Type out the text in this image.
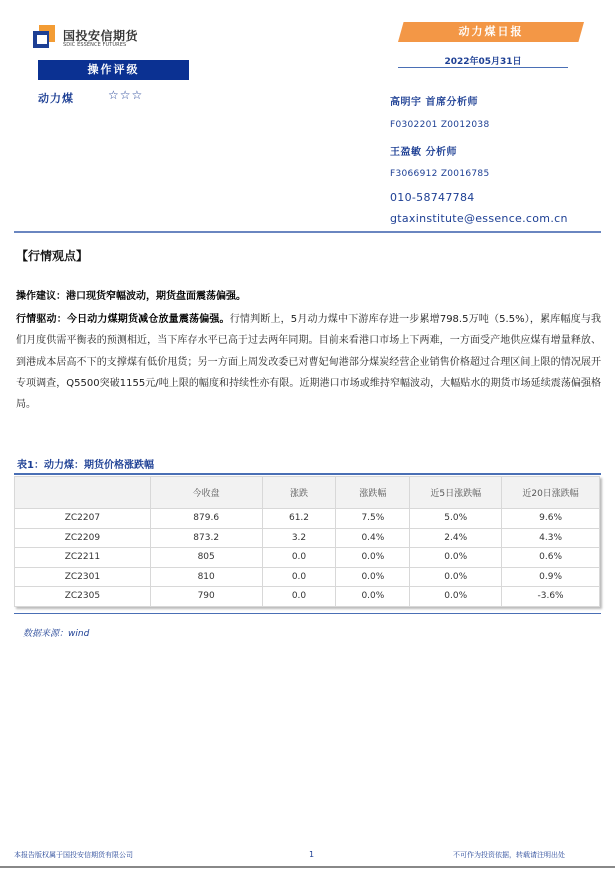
国投安信期货
SDIC ESSENCE FUTURES
操作评级
动力煤	☆☆☆
动力煤日报
2022年05月31日
高明宇 首席分析师
F0302201 Z0012038
王盈敏 分析师
F3066912 Z0016785
010-58747784
gtaxinstitute@essence.com.cn
【行情观点】
操作建议：港口现货窄幅波动，期货盘面震荡偏强。
行情驱动：今日动力煤期货减仓放量震荡偏强。行情判断上，5月动力煤中下游库存进一步累增798.5万吨（5.5%），累库幅度与我们月度供需平衡表的预测相近，当下库存水平已高于过去两年同期。目前来看港口市场上下两难，一方面受产地供应煤有增量释放、到港成本居高不下的支撑煤有低价甩货；另一方面上周发改委已对曹妃甸港部分煤炭经营企业销售价格超过合理区间上限的情况展开专项调查，Q5500突破1155元/吨上限的幅度和持续性亦有限。近期港口市场或维持窄幅波动，大幅贴水的期货市场延续震荡偏强格局。
表1：动力煤：期货价格涨跌幅
	今收盘	涨跌	涨跌幅	近5日涨跌幅	近20日涨跌幅
ZC2207	879.6	61.2	7.5%	5.0%	9.6%
ZC2209	873.2	3.2	0.4%	2.4%	4.3%
ZC2211	805	0.0	0.0%	0.0%	0.6%
ZC2301	810	0.0	0.0%	0.0%	0.9%
ZC2305	790	0.0	0.0%	0.0%	-3.6%
数据来源：wind
本报告版权属于国投安信期货有限公司	1	不可作为投资依据，转载请注明出处
